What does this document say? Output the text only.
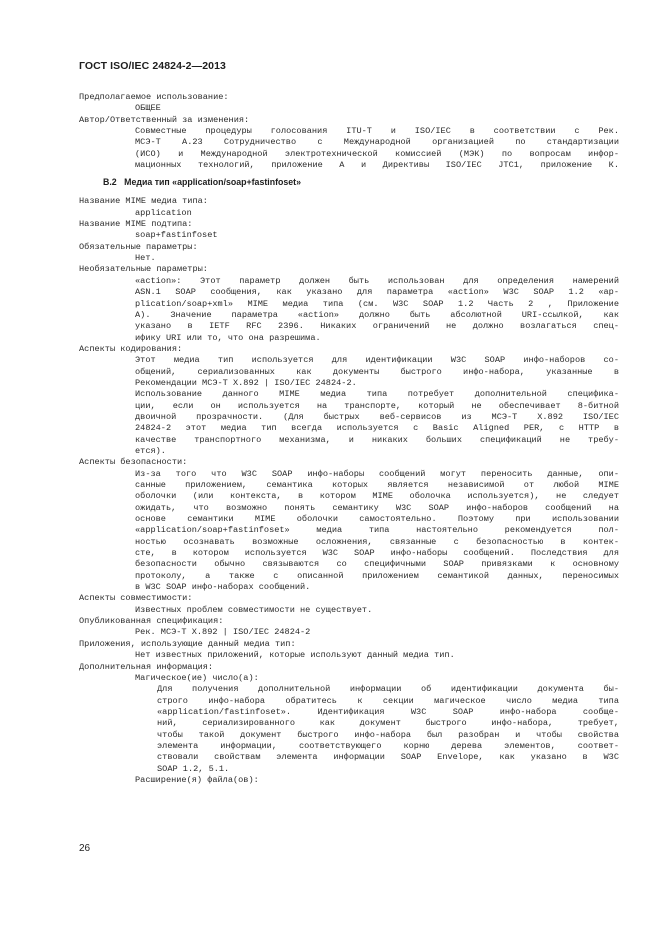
ГОСТ ISO/IEC 24824-2—2013
Предполагаемое использование:
ОБЩЕЕ
Автор/Ответственный за изменения:
Совместные процедуры голосования ITU-T и ISO/IEC в соответствии с Рек.
МСЭ-Т А.23 Сотрудничество с Международной организацией по стандартизации
(ИСО) и Международной электротехнической комиссией (МЭК) по вопросам инфор-
мационных технологий, приложение А и Директивы ISO/IEC JTC1, приложение К.
B.2 Медиа тип «application/soap+fastinfoset»
Название MIME медиа типа:
application
Название MIME подтипа:
soap+fastinfoset
Обязательные параметры:
Нет.
Необязательные параметры:
«action»: Этот параметр должен быть использован для определения намерений
ASN.1 SOAP сообщения, как указано для параметра «action» W3C SOAP 1.2 «ap-
plication/soap+xml» MIME медиа типа (см. W3C SOAP 1.2 Часть 2 , Приложение
А). Значение параметра «action» должно быть абсолютной URI-ссылкой, как
указано в IETF RFC 2396. Никаких ограничений не должно возлагаться спец-
ифику URI или то, что она разрешима.
Аспекты кодирования:
Этот медиа тип используется для идентификации W3C SOAP инфо-наборов со-
общений, сериализованных как документы быстрого инфо-набора, указанные в
Рекомендации МСЭ-Т X.892 | ISO/IEC 24824-2.
Использование данного MIME медиа типа потребует дополнительной спецификa-
ции, если он используется на транспорте, который не обеспечивает 8-битной
двоичной прозрачности. (Для быстрых веб-сервисов из МСЭ-Т X.892 ISO/IEC
24824-2 этот медиа тип всегда используется с Basic Aligned PER, с HTTP в
качестве транспортного механизма, и никаких больших спецификаций не требу-
ется).
Аспекты безопасности:
Из-за того что W3C SOAP инфо-наборы сообщений могут переносить данные, опи-
санные приложением, семантика которых является независимой от любой MIME
оболочки (или контекста, в котором MIME оболочка используется), не следует
ожидать, что возможно понять семантику W3C SOAP инфо-наборов сообщений на
основе семантики MIME оболочки самостоятельно. Поэтому при использовании
«application/soap+fastinfoset» медиа типа настоятельно рекомендуется пол-
ностью осознавать возможные осложнения, связанные с безопасностью в контек-
сте, в котором используется W3C SOAP инфо-наборы сообщений. Последствия для
безопасности обычно связываются со специфичными SOAP привязками к основному
протоколу, а также с описанной приложением семантикой данных, переносимых
в W3C SOAP инфо-наборах сообщений.
Аспекты совместимости:
Известных проблем совместимости не существует.
Опубликованная спецификация:
Рек. МСЭ-Т X.892 | ISO/IEC 24824-2
Приложения, использующие данный медиа тип:
Нет известных приложений, которые используют данный медиа тип.
Дополнительная информация:
Магическое(ие) число(а):
Для получения дополнительной информации об идентификации документа бы-
строго инфо-набора обратитесь к секции магическое число медиа типа
«application/fastinfoset». Идентификация W3C SOAP инфо-набора сообще-
ний, сериализированного как документ быстрого инфо-набора, требует,
чтобы такой документ быстрого инфо-набора был разобран и чтобы свойства
элемента информации, соответствующего корню дерева элементов, соответ-
ствовали свойствам элемента информации SOAP Envelope, как указано в W3C
SOAP 1.2, 5.1.
Расширение(я) файла(ов):
26
